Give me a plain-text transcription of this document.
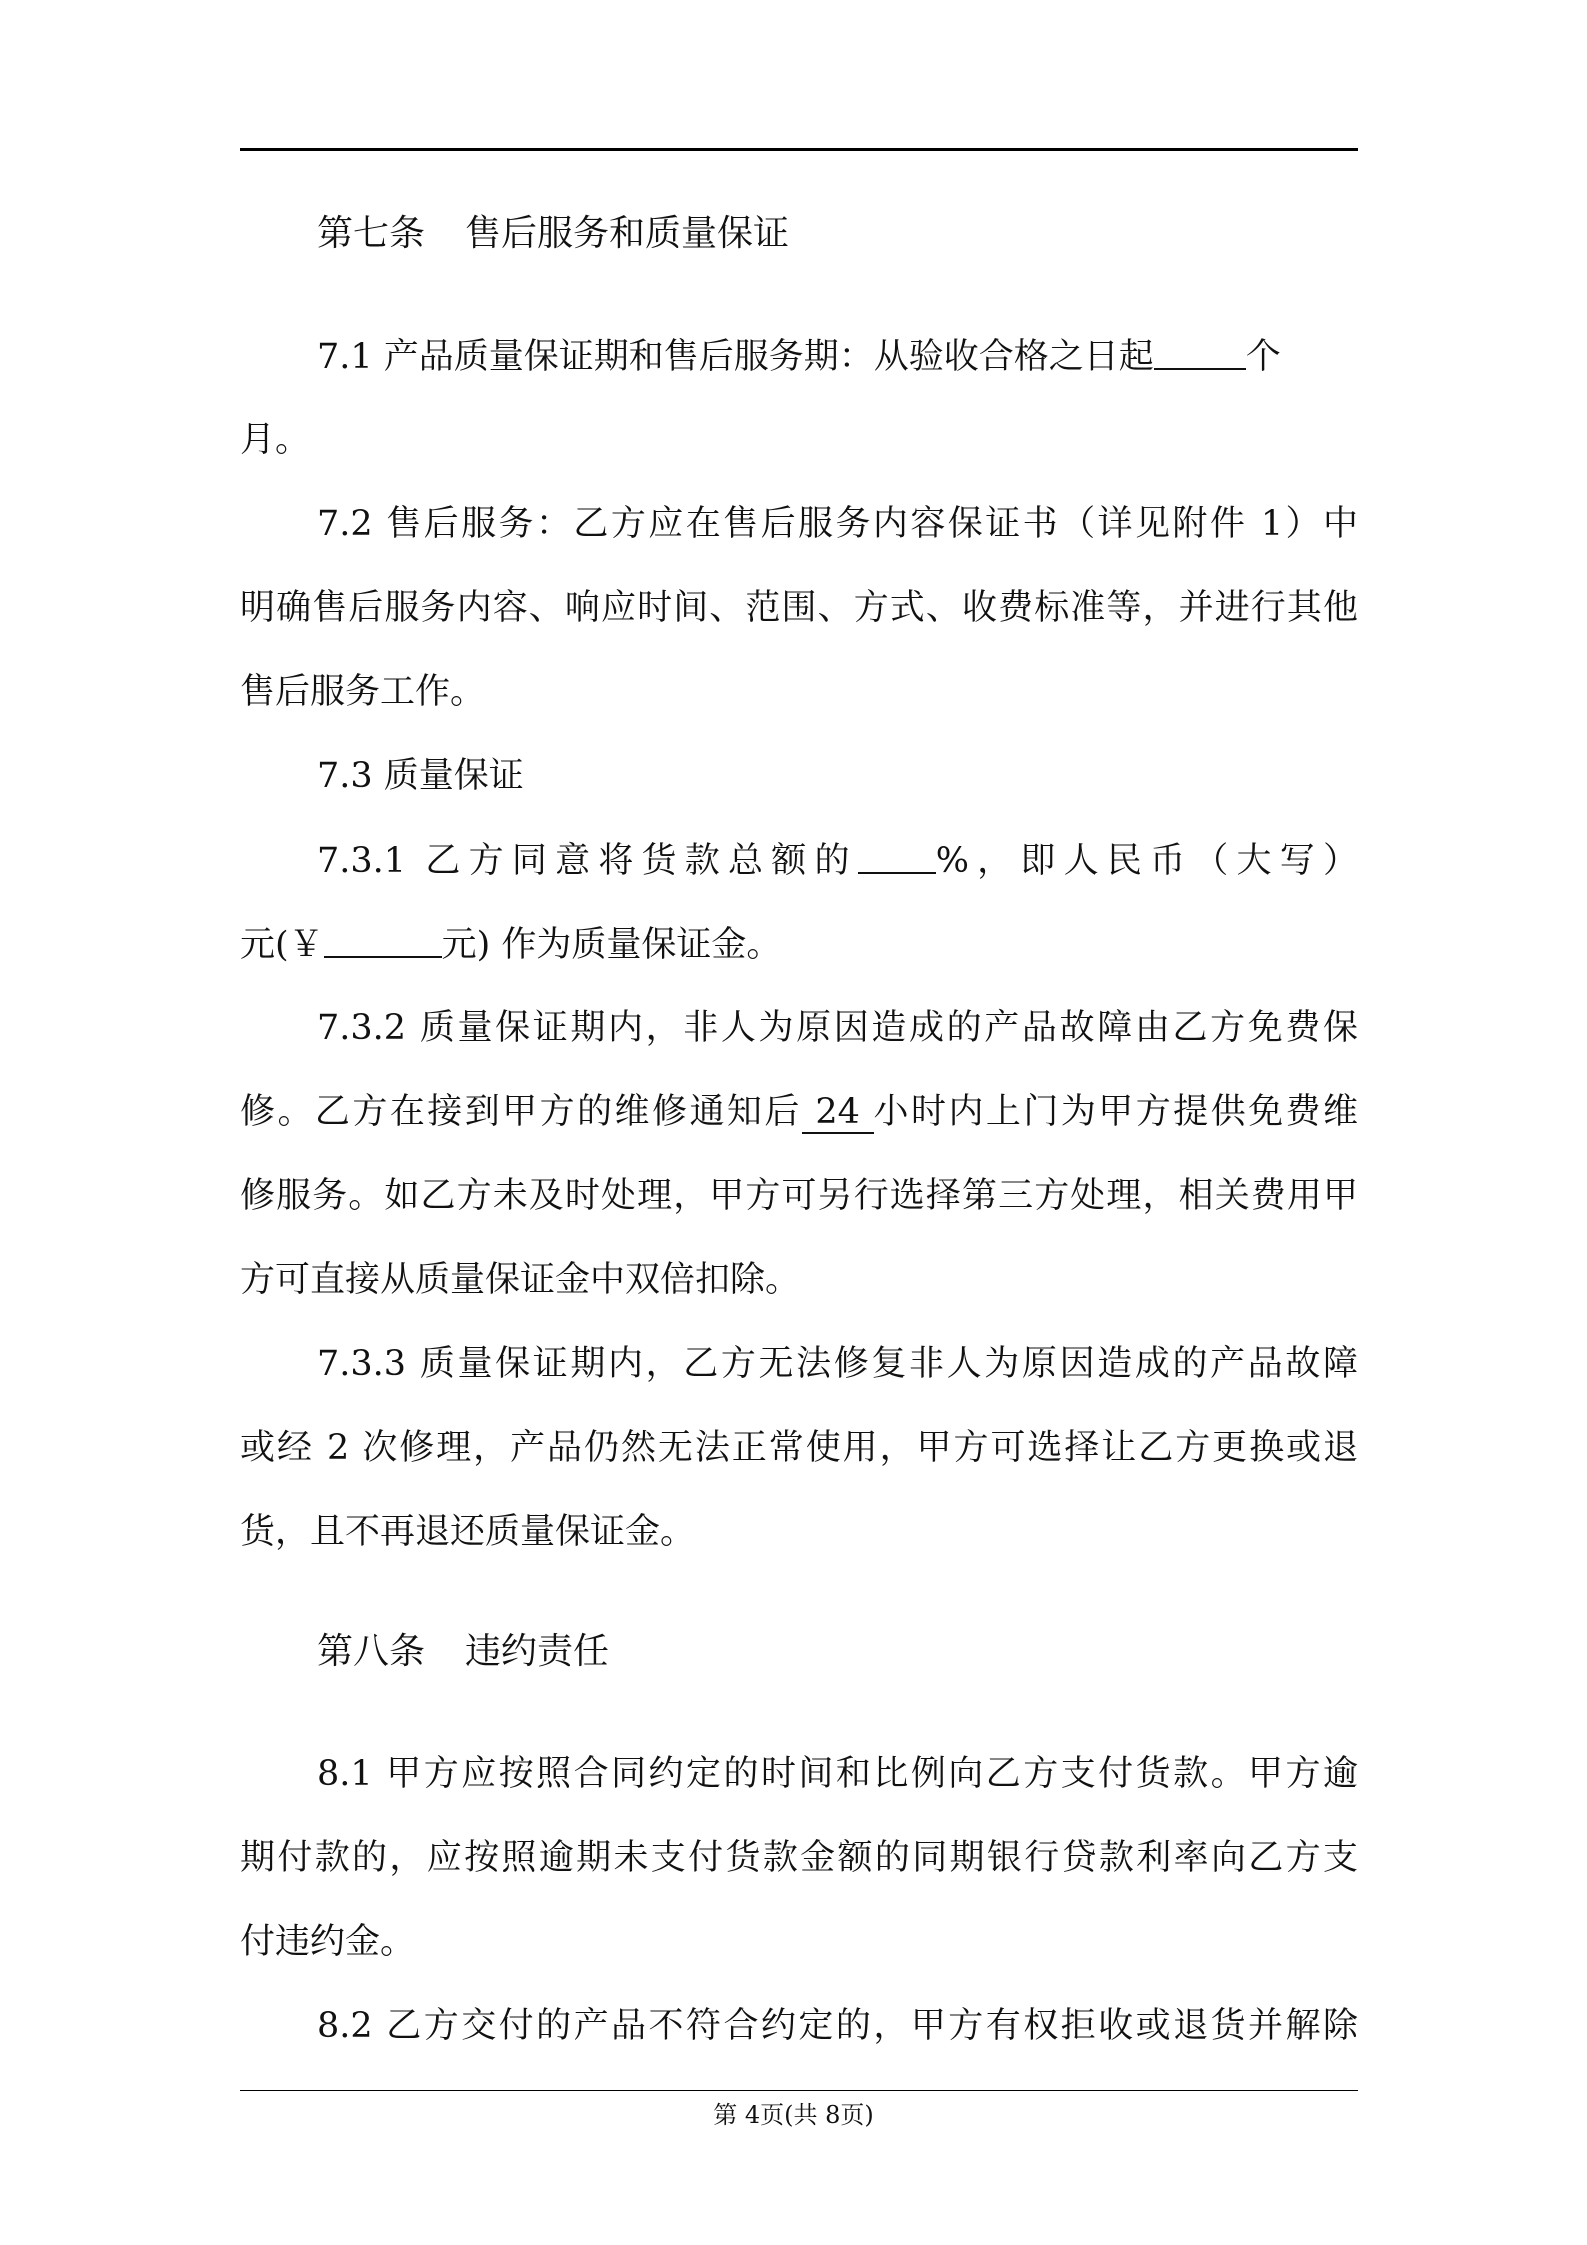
第七条 售后服务和质量保证
7.1 产品质量保证期和售后服务期：从验收合格之日起	个
月。
7.2 售后服务：乙方应在售后服务内容保证书（详见附件 1）中
明确售后服务内容、响应时间、范围、方式、收费标准等，并进行其他
售后服务工作。
7.3 质量保证
7.3.1 乙方同意将货款总额的 %，即人民币（大写）
元(￥	元) 作为质量保证金。
7.3.2 质量保证期内，非人为原因造成的产品故障由乙方免费保
修。乙方在接到甲方的维修通知后 24 小时内上门为甲方提供免费维
修服务。如乙方未及时处理，甲方可另行选择第三方处理，相关费用甲
方可直接从质量保证金中双倍扣除。
7.3.3 质量保证期内，乙方无法修复非人为原因造成的产品故障
或经 2 次修理，产品仍然无法正常使用，甲方可选择让乙方更换或退
货，且不再退还质量保证金。
第八条 违约责任
8.1 甲方应按照合同约定的时间和比例向乙方支付货款。甲方逾
期付款的，应按照逾期未支付货款金额的同期银行贷款利率向乙方支
付违约金。
8.2 乙方交付的产品不符合约定的，甲方有权拒收或退货并解除
第 4页(共 8页)
